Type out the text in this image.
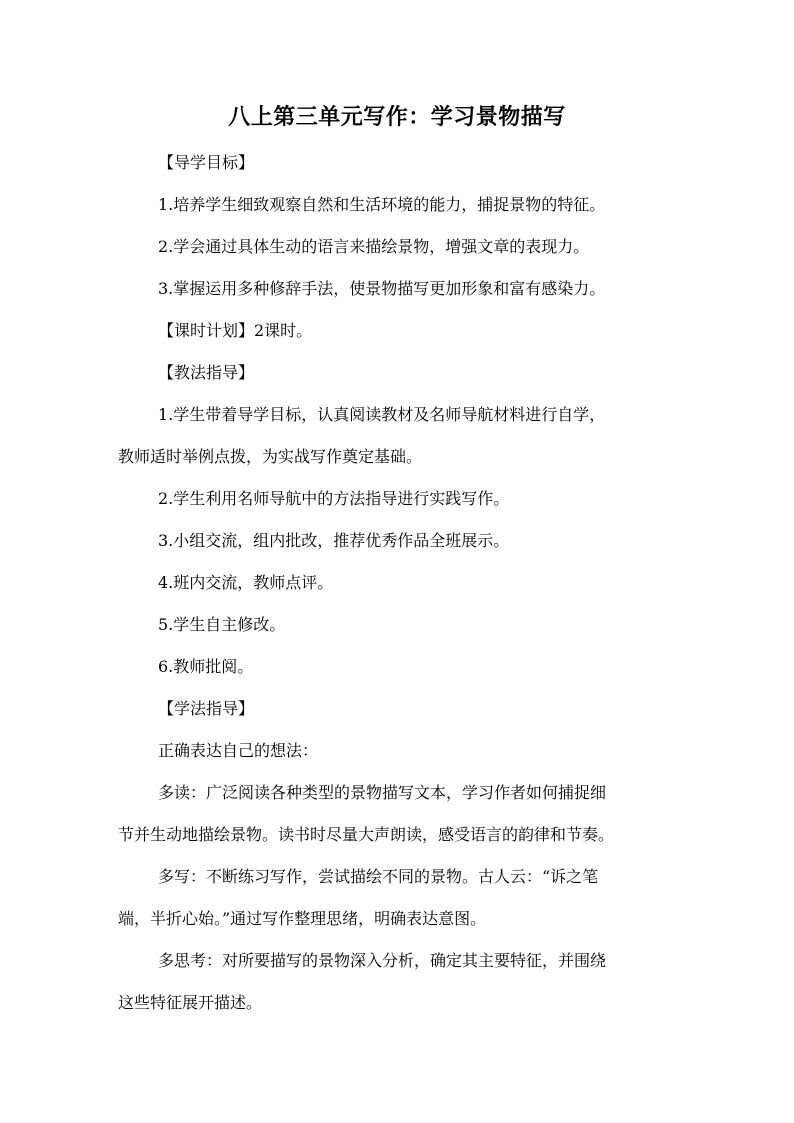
八上第三单元写作：学习景物描写

【导学目标】

1.培养学生细致观察自然和生活环境的能力，捕捉景物的特征。

2.学会通过具体生动的语言来描绘景物，增强文章的表现力。

3.掌握运用多种修辞手法，使景物描写更加形象和富有感染力。

【课时计划】2课时。

【教法指导】

1.学生带着导学目标，认真阅读教材及名师导航材料进行自学，
教师适时举例点拨，为实战写作奠定基础。

2.学生利用名师导航中的方法指导进行实践写作。

3.小组交流，组内批改，推荐优秀作品全班展示。

4.班内交流，教师点评。

5.学生自主修改。

6.教师批阅。

【学法指导】

正确表达自己的想法：

多读：广泛阅读各种类型的景物描写文本，学习作者如何捕捉细
节并生动地描绘景物。读书时尽量大声朗读，感受语言的韵律和节奏。

多写：不断练习写作，尝试描绘不同的景物。古人云：“诉之笔
端，半折心始。”通过写作整理思绪，明确表达意图。

多思考：对所要描写的景物深入分析，确定其主要特征，并围绕
这些特征展开描述。
